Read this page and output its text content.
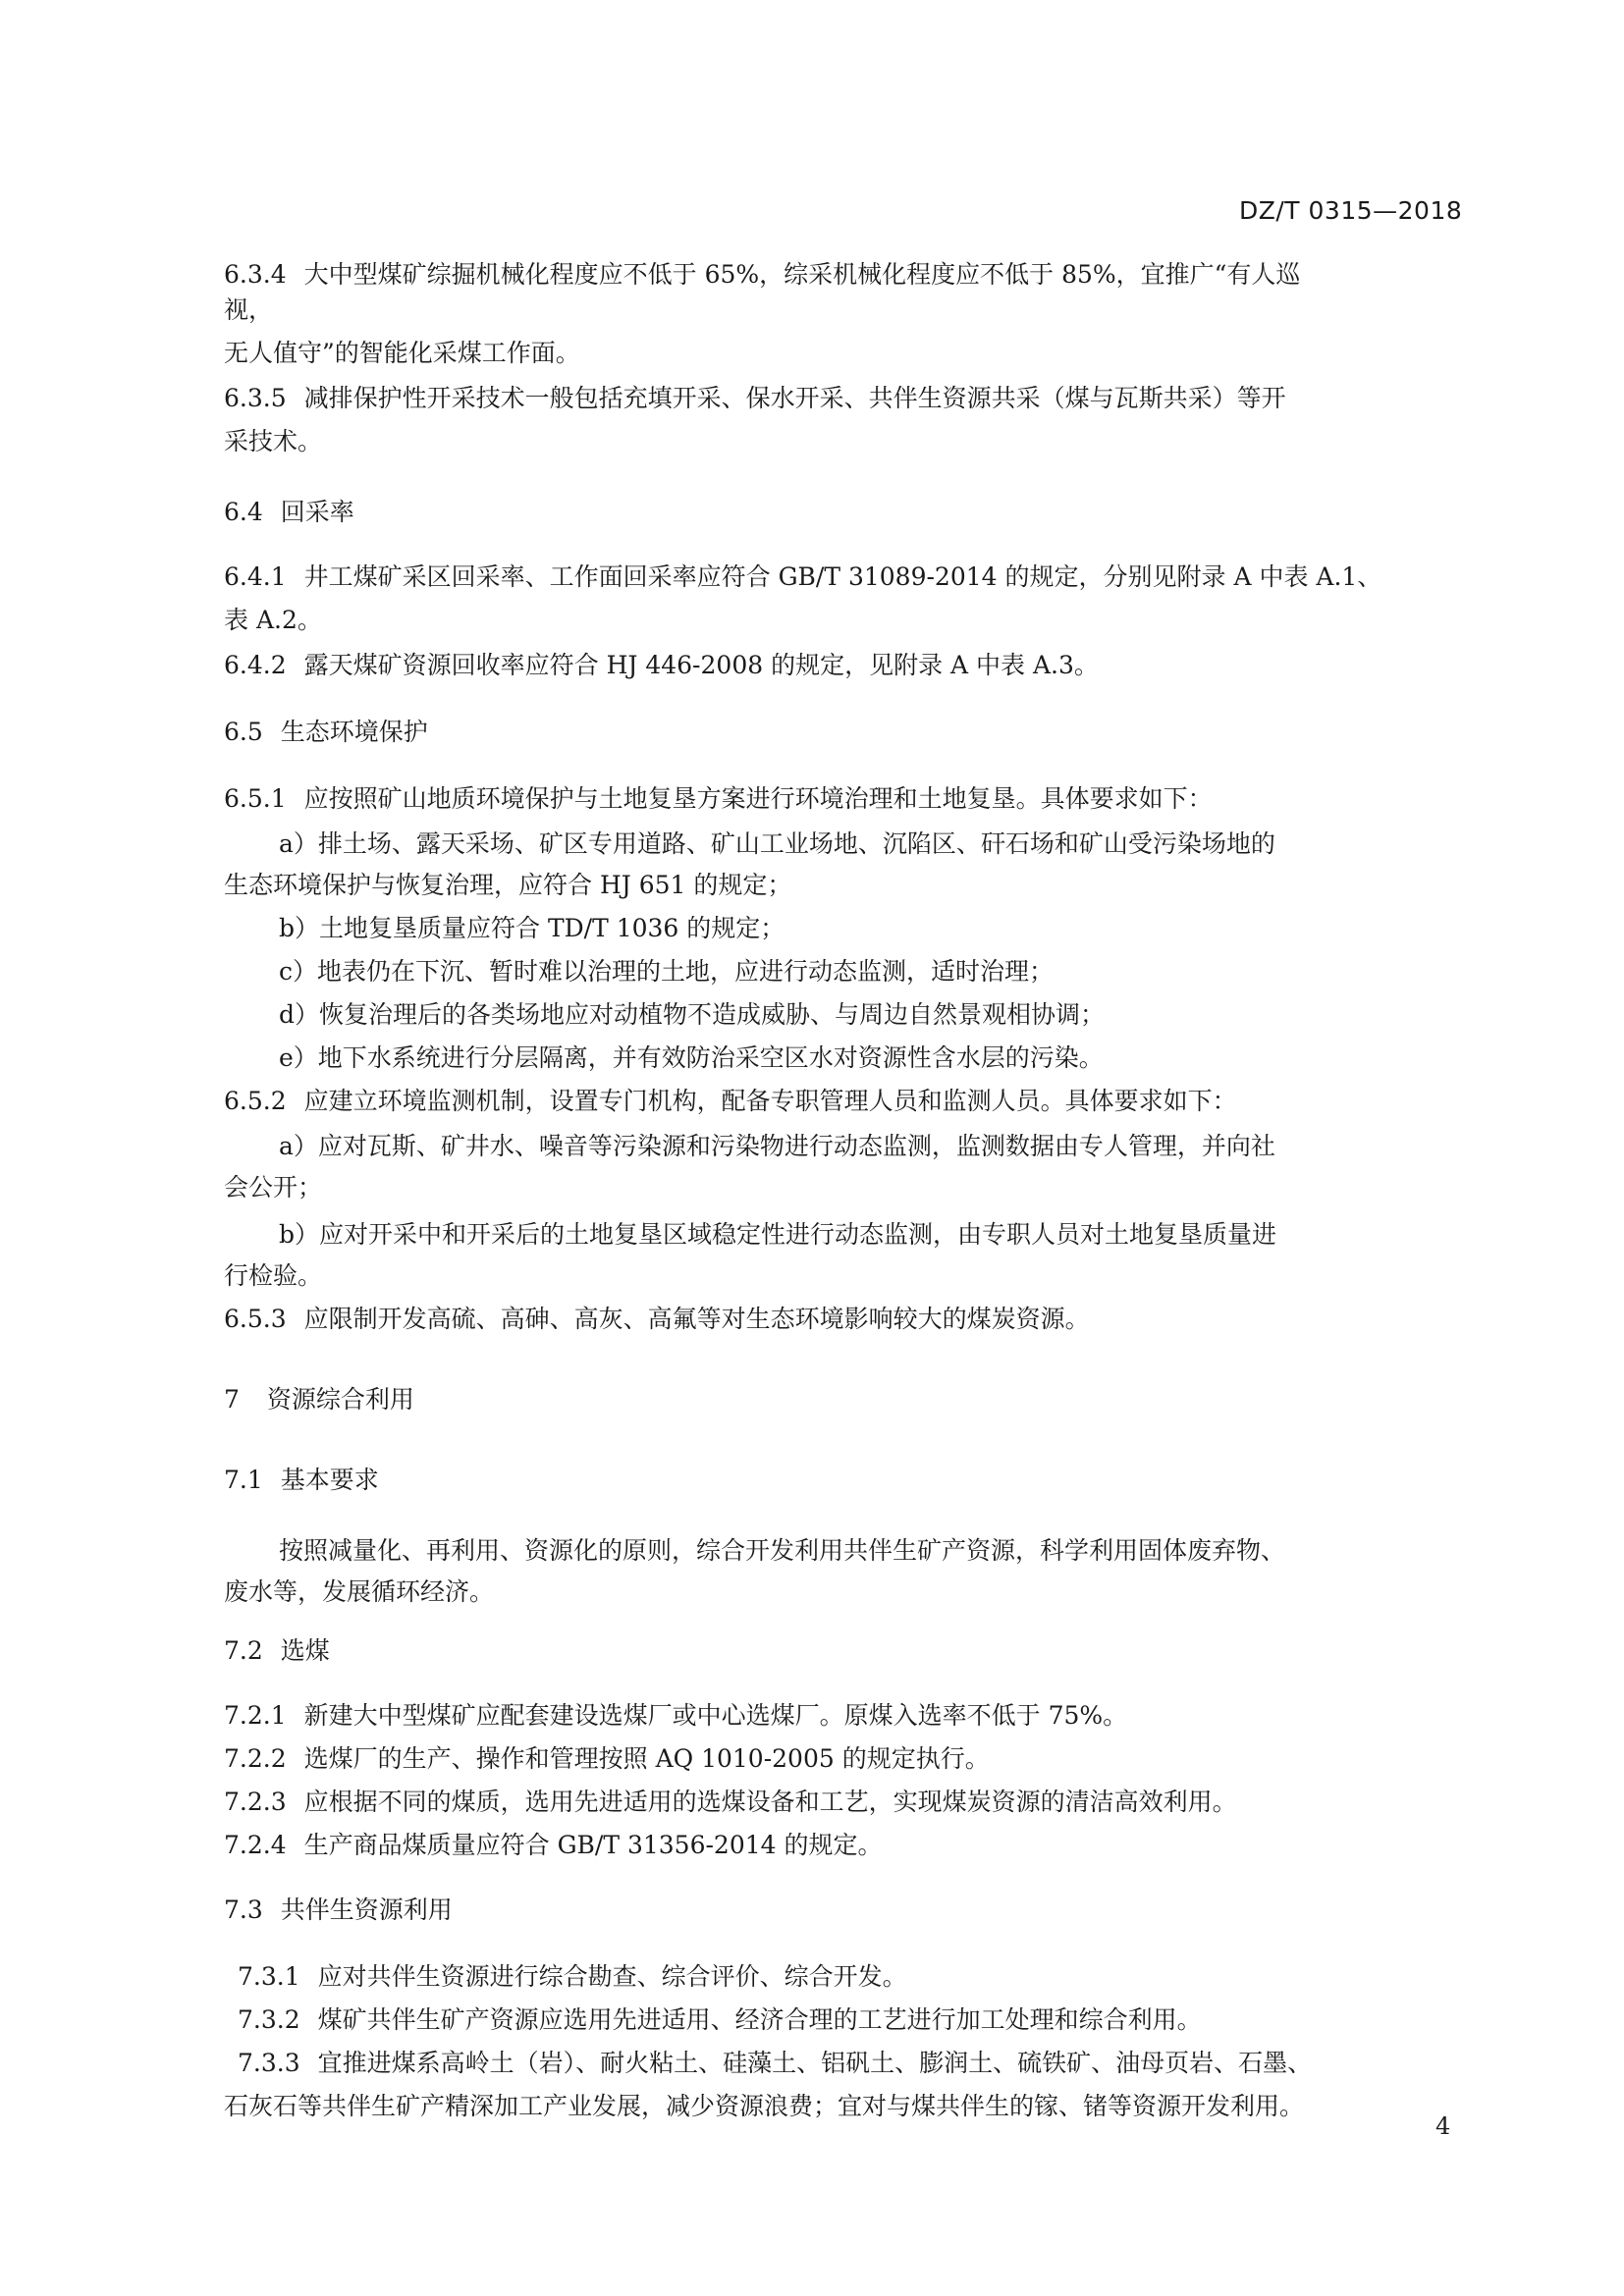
DZ/T 0315—2018
6.3.4 大中型煤矿综掘机械化程度应不低于 65%，综采机械化程度应不低于 85%，宜推广“有人巡
视，
无人值守”的智能化采煤工作面。
6.3.5 减排保护性开采技术一般包括充填开采、保水开采、共伴生资源共采（煤与瓦斯共采）等开
采技术。
6.4 回采率
6.4.1 井工煤矿采区回采率、工作面回采率应符合 GB/T 31089-2014 的规定，分别见附录 A 中表 A.1、
表 A.2。
6.4.2 露天煤矿资源回收率应符合 HJ 446-2008 的规定，见附录 A 中表 A.3。
6.5 生态环境保护
6.5.1 应按照矿山地质环境保护与土地复垦方案进行环境治理和土地复垦。具体要求如下：
a）排土场、露天采场、矿区专用道路、矿山工业场地、沉陷区、矸石场和矿山受污染场地的
生态环境保护与恢复治理，应符合 HJ 651 的规定；
b）土地复垦质量应符合 TD/T 1036 的规定；
c）地表仍在下沉、暂时难以治理的土地，应进行动态监测，适时治理；
d）恢复治理后的各类场地应对动植物不造成威胁、与周边自然景观相协调；
e）地下水系统进行分层隔离，并有效防治采空区水对资源性含水层的污染。
6.5.2 应建立环境监测机制，设置专门机构，配备专职管理人员和监测人员。具体要求如下：
a）应对瓦斯、矿井水、噪音等污染源和污染物进行动态监测，监测数据由专人管理，并向社
会公开；
b）应对开采中和开采后的土地复垦区域稳定性进行动态监测，由专职人员对土地复垦质量进
行检验。
6.5.3 应限制开发高硫、高砷、高灰、高氟等对生态环境影响较大的煤炭资源。
7 资源综合利用
7.1 基本要求
按照减量化、再利用、资源化的原则，综合开发利用共伴生矿产资源，科学利用固体废弃物、
废水等，发展循环经济。
7.2 选煤
7.2.1 新建大中型煤矿应配套建设选煤厂或中心选煤厂。原煤入选率不低于 75%。
7.2.2 选煤厂的生产、操作和管理按照 AQ 1010-2005 的规定执行。
7.2.3 应根据不同的煤质，选用先进适用的选煤设备和工艺，实现煤炭资源的清洁高效利用。
7.2.4 生产商品煤质量应符合 GB/T 31356-2014 的规定。
7.3 共伴生资源利用
7.3.1 应对共伴生资源进行综合勘查、综合评价、综合开发。
7.3.2 煤矿共伴生矿产资源应选用先进适用、经济合理的工艺进行加工处理和综合利用。
7.3.3 宜推进煤系高岭土（岩）、耐火粘土、硅藻土、铝矾土、膨润土、硫铁矿、油母页岩、石墨、
石灰石等共伴生矿产精深加工产业发展，减少资源浪费；宜对与煤共伴生的镓、锗等资源开发利用。
4
